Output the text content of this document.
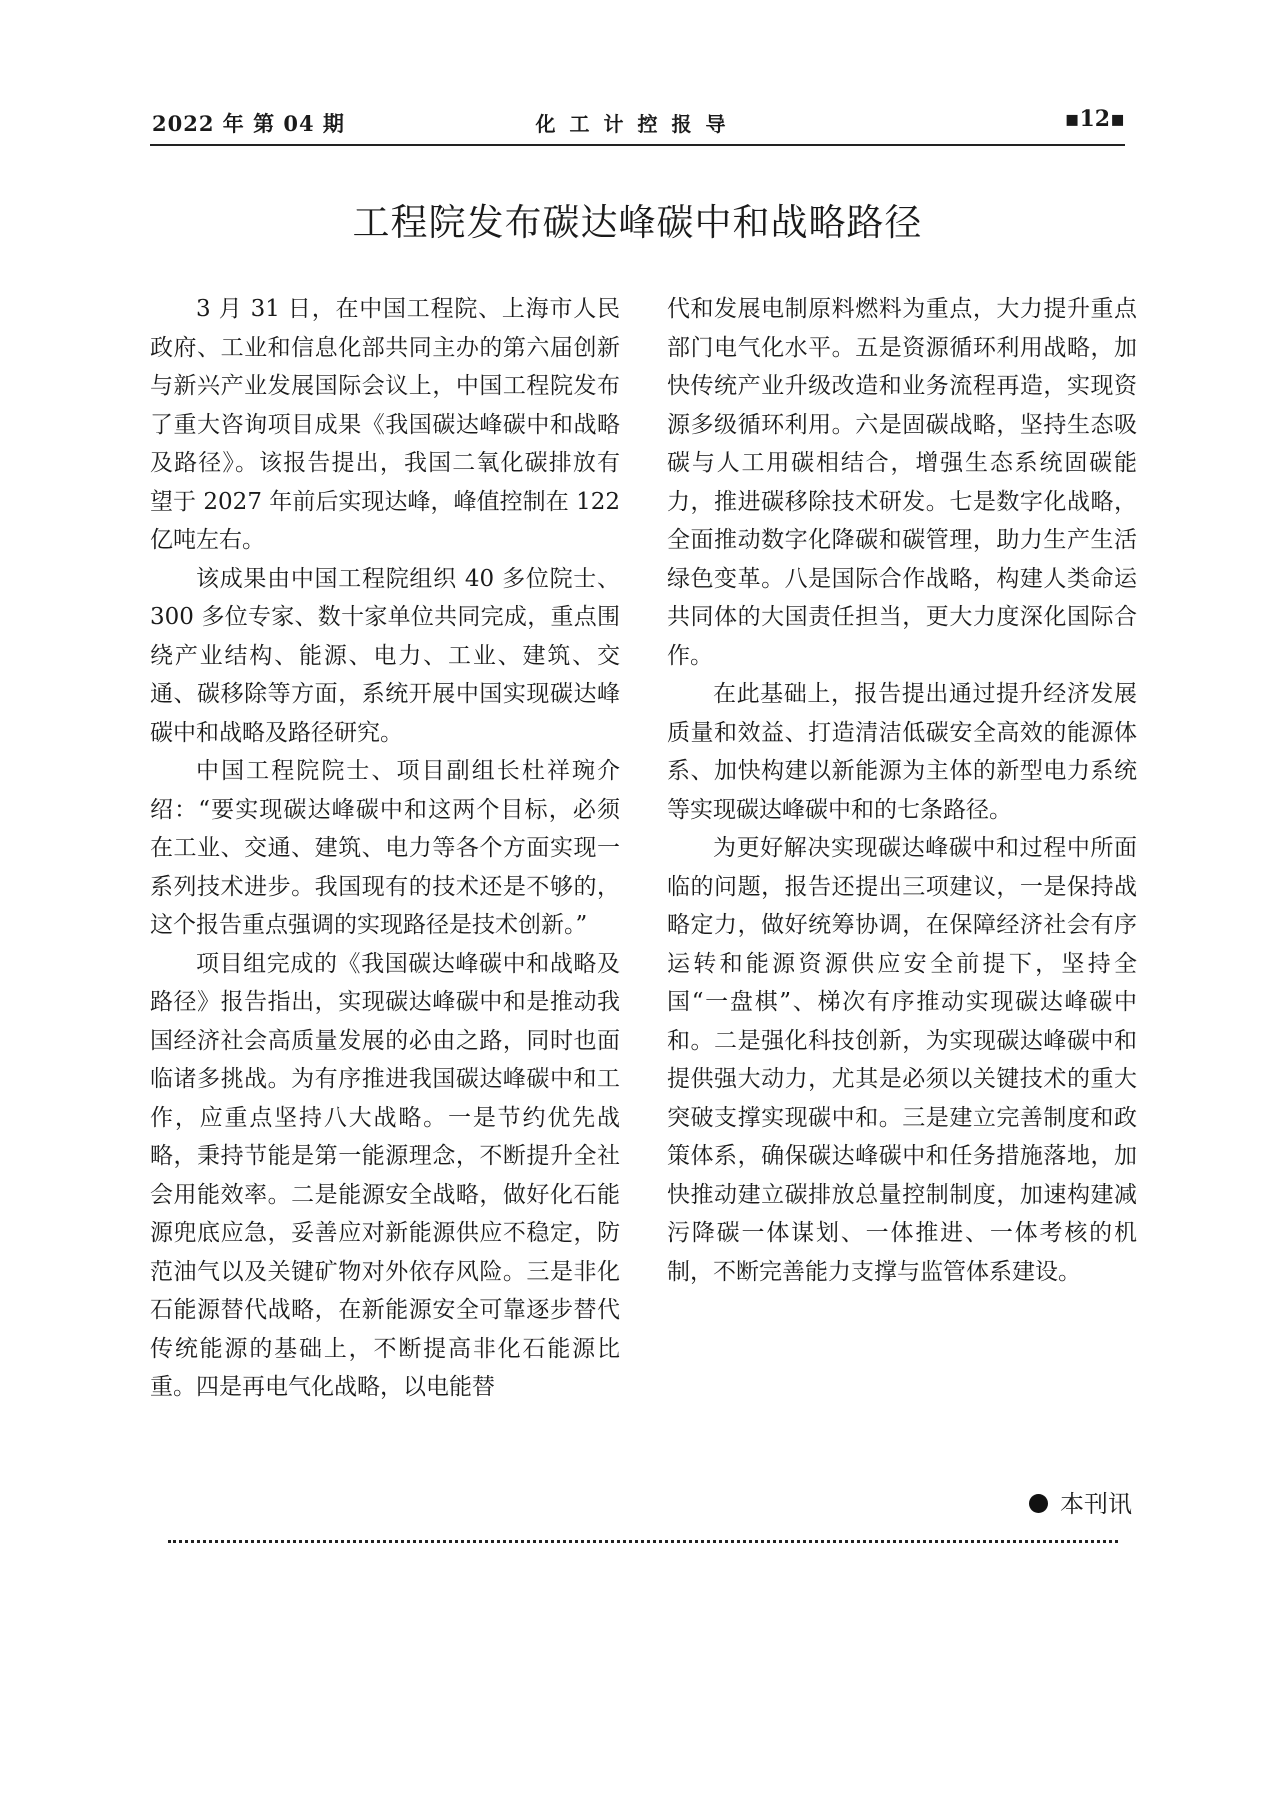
2022 年 第 04 期	化工计控报导	▪12▪
工程院发布碳达峰碳中和战略路径

3 月 31 日，在中国工程院、上海市人民政府、工业和信息化部共同主办的第六届创新与新兴产业发展国际会议上，中国工程院发布了重大咨询项目成果《我国碳达峰碳中和战略及路径》。该报告提出，我国二氧化碳排放有望于 2027 年前后实现达峰，峰值控制在 122 亿吨左右。

该成果由中国工程院组织 40 多位院士、300 多位专家、数十家单位共同完成，重点围绕产业结构、能源、电力、工业、建筑、交通、碳移除等方面，系统开展中国实现碳达峰碳中和战略及路径研究。

中国工程院院士、项目副组长杜祥琬介绍：“要实现碳达峰碳中和这两个目标，必须在工业、交通、建筑、电力等各个方面实现一系列技术进步。我国现有的技术还是不够的，这个报告重点强调的实现路径是技术创新。”

项目组完成的《我国碳达峰碳中和战略及路径》报告指出，实现碳达峰碳中和是推动我国经济社会高质量发展的必由之路，同时也面临诸多挑战。为有序推进我国碳达峰碳中和工作，应重点坚持八大战略。一是节约优先战略，秉持节能是第一能源理念，不断提升全社会用能效率。二是能源安全战略，做好化石能源兜底应急，妥善应对新能源供应不稳定，防范油气以及关键矿物对外依存风险。三是非化石能源替代战略，在新能源安全可靠逐步替代传统能源的基础上，不断提高非化石能源比重。四是再电气化战略，以电能替

代和发展电制原料燃料为重点，大力提升重点部门电气化水平。五是资源循环利用战略，加快传统产业升级改造和业务流程再造，实现资源多级循环利用。六是固碳战略，坚持生态吸碳与人工用碳相结合，增强生态系统固碳能力，推进碳移除技术研发。七是数字化战略，全面推动数字化降碳和碳管理，助力生产生活绿色变革。八是国际合作战略，构建人类命运共同体的大国责任担当，更大力度深化国际合作。

在此基础上，报告提出通过提升经济发展质量和效益、打造清洁低碳安全高效的能源体系、加快构建以新能源为主体的新型电力系统等实现碳达峰碳中和的七条路径。

为更好解决实现碳达峰碳中和过程中所面临的问题，报告还提出三项建议，一是保持战略定力，做好统筹协调，在保障经济社会有序运转和能源资源供应安全前提下，坚持全国“一盘棋”、梯次有序推动实现碳达峰碳中和。二是强化科技创新，为实现碳达峰碳中和提供强大动力，尤其是必须以关键技术的重大突破支撑实现碳中和。三是建立完善制度和政策体系，确保碳达峰碳中和任务措施落地，加快推动建立碳排放总量控制制度，加速构建减污降碳一体谋划、一体推进、一体考核的机制，不断完善能力支撑与监管体系建设。

本刊讯
